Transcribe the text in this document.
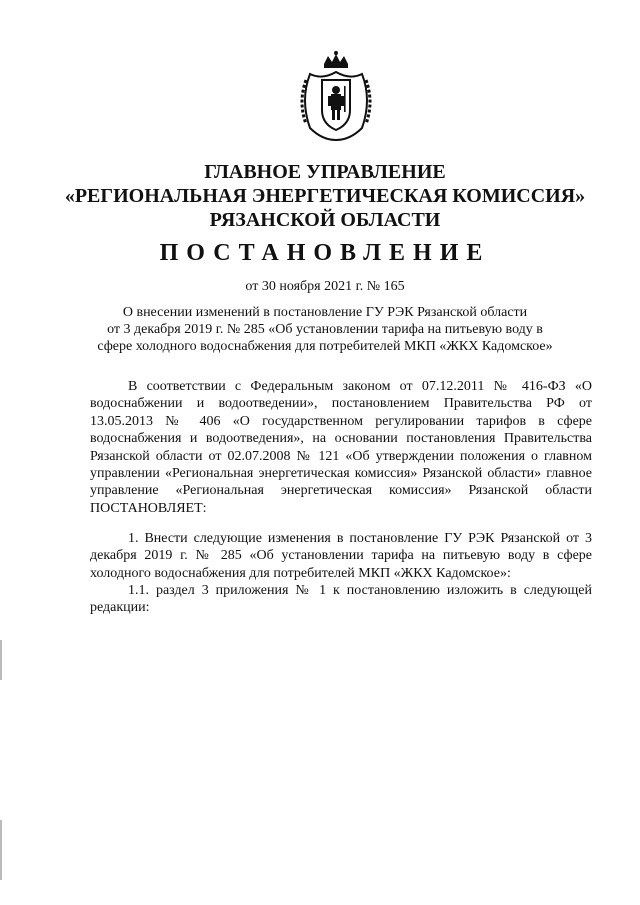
ГЛАВНОЕ УПРАВЛЕНИЕ
«РЕГИОНАЛЬНАЯ ЭНЕРГЕТИЧЕСКАЯ КОМИССИЯ»
РЯЗАНСКОЙ ОБЛАСТИ
ПОСТАНОВЛЕНИЕ
от 30 ноября 2021 г. № 165
О внесении изменений в постановление ГУ РЭК Рязанской области
от 3 декабря 2019 г. № 285 «Об установлении тарифа на питьевую воду в
сфере холодного водоснабжения для потребителей МКП «ЖКХ Кадомское»
В соответствии с Федеральным законом от 07.12.2011 № 416-ФЗ «О водоснабжении и водоотведении», постановлением Правительства РФ от 13.05.2013 № 406 «О государственном регулировании тарифов в сфере водоснабжения и водоотведения», на основании постановления Правительства Рязанской области от 02.07.2008 № 121 «Об утверждении положения о главном управлении «Региональная энергетическая комиссия» Рязанской области» главное управление «Региональная энергетическая комиссия» Рязанской области ПОСТАНОВЛЯЕТ:
1. Внести следующие изменения в постановление ГУ РЭК Рязанской от 3 декабря 2019 г. № 285 «Об установлении тарифа на питьевую воду в сфере холодного водоснабжения для потребителей МКП «ЖКХ Кадомское»:
1.1. раздел 3 приложения № 1 к постановлению изложить в следующей редакции:
